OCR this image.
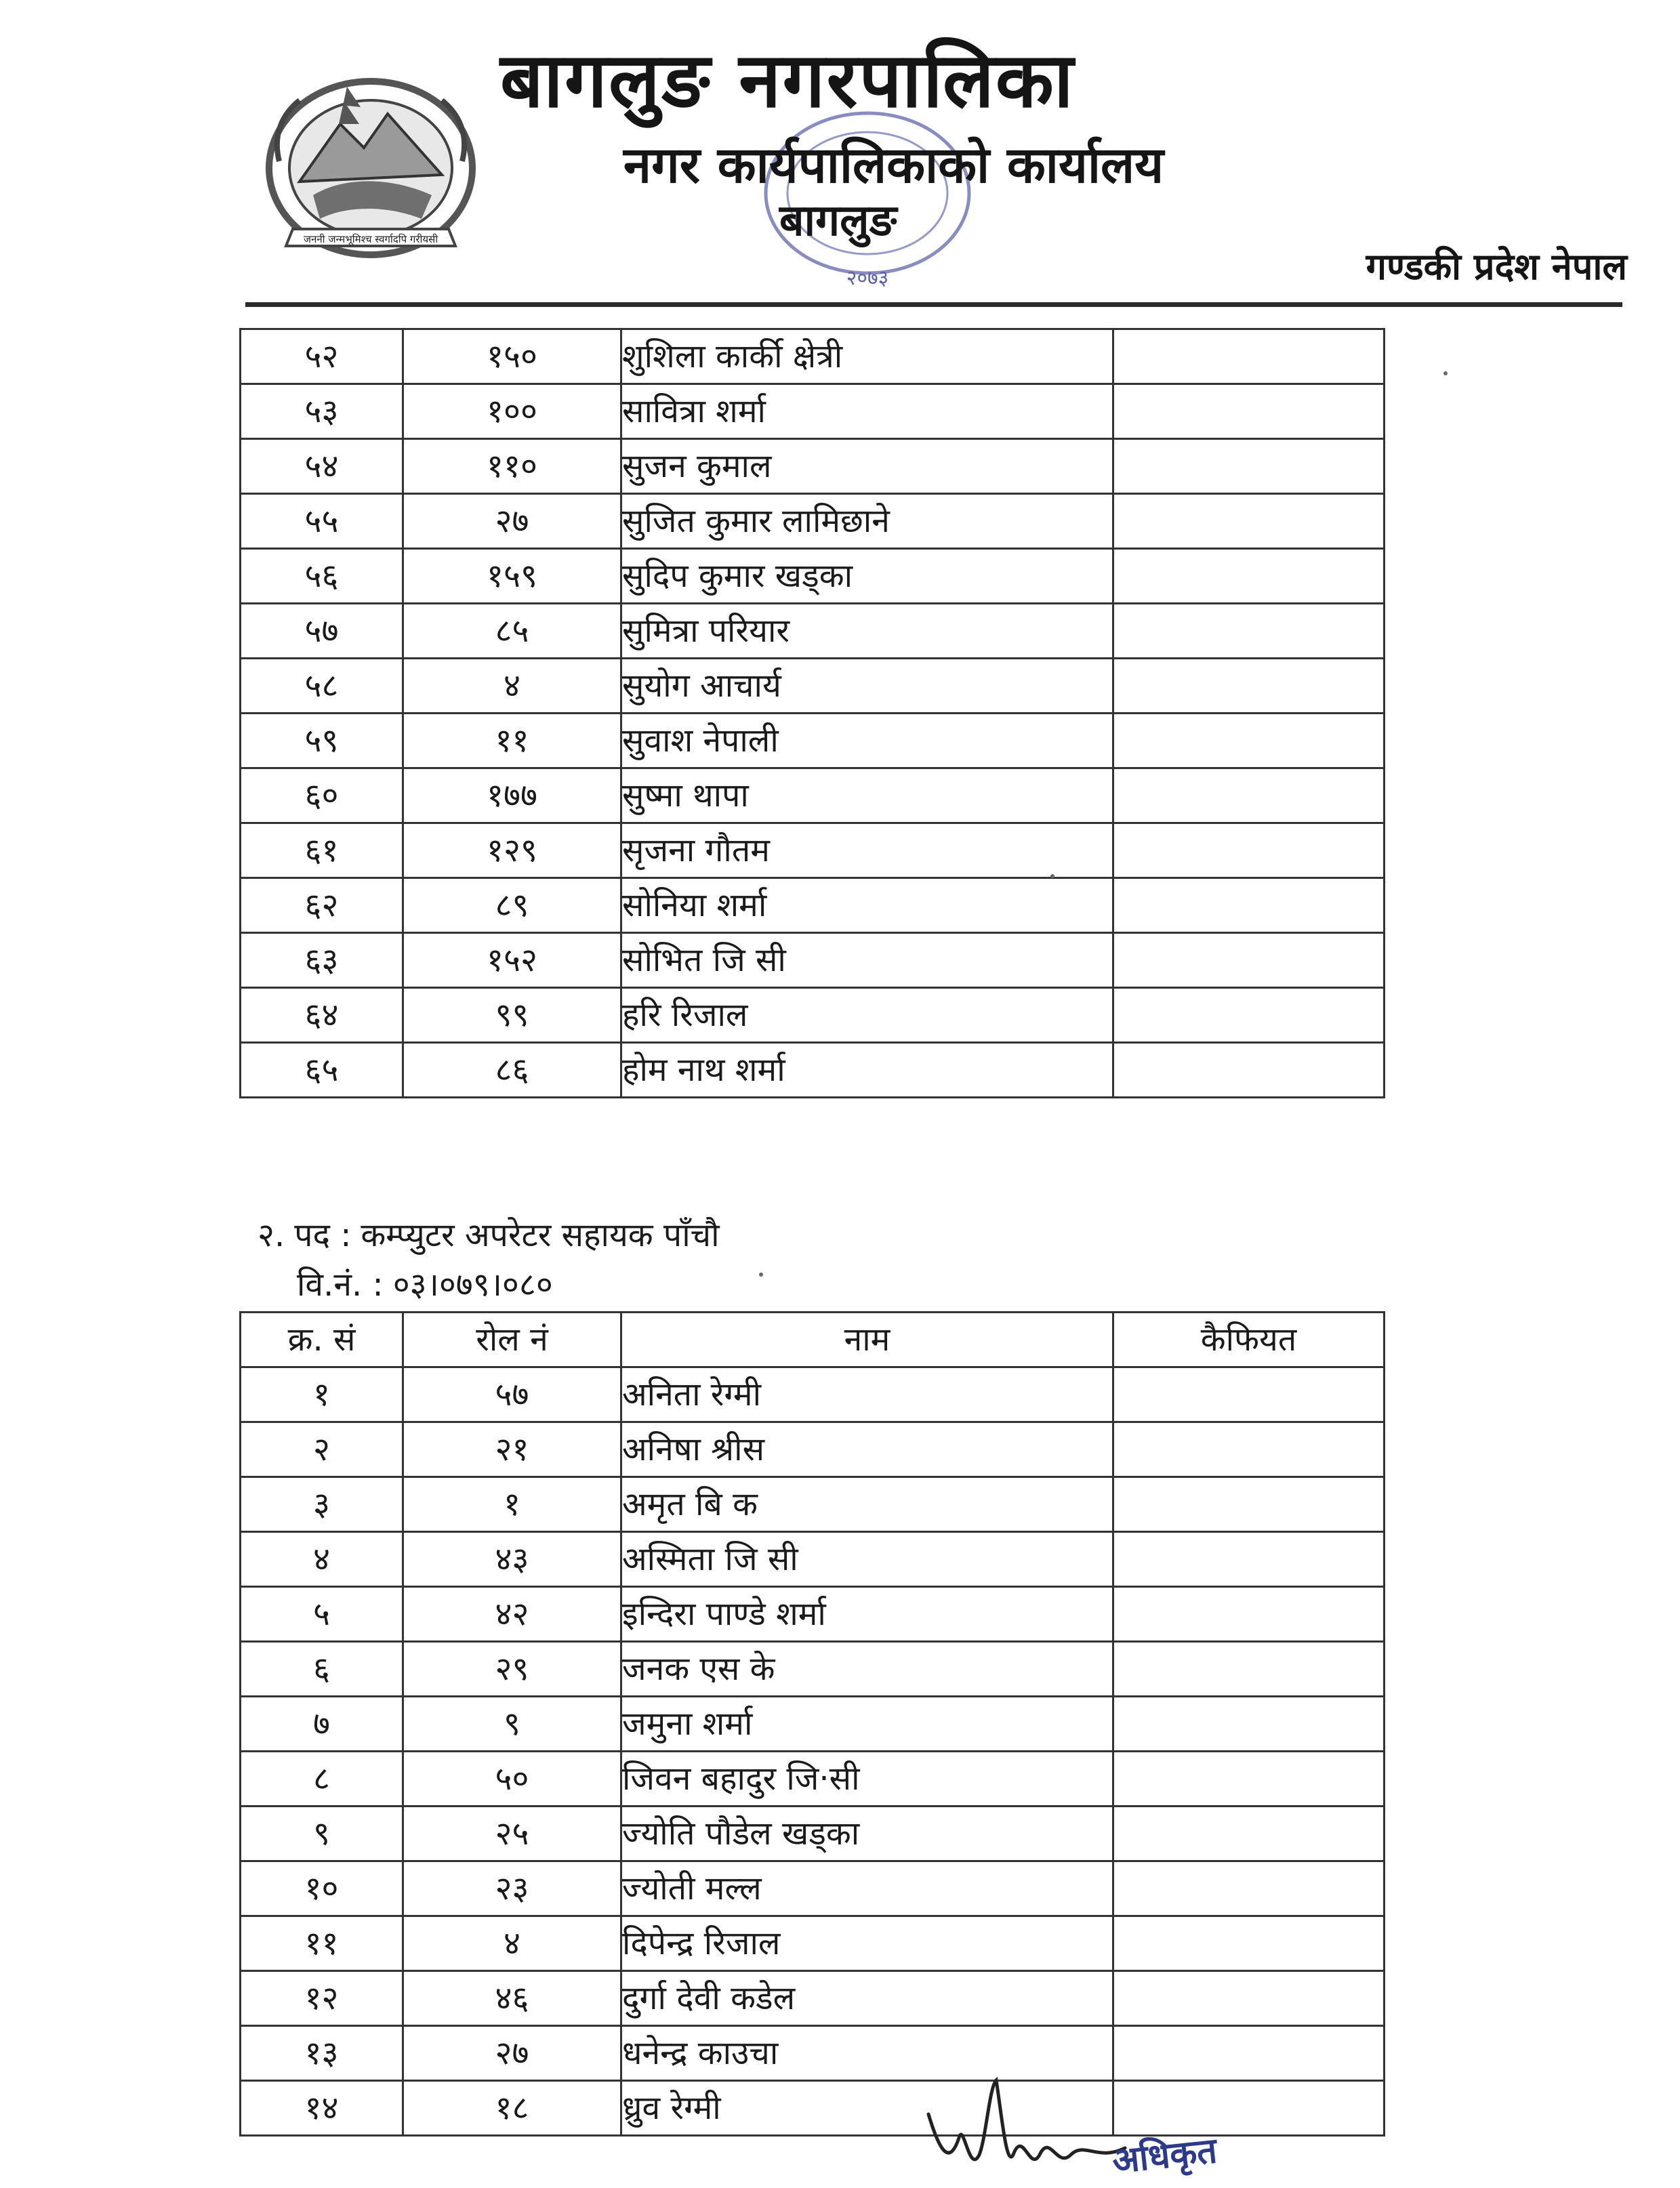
जननी जन्मभूमिश्च स्वर्गादपि गरीयसी
बागलुङ नगरपालिका
२०७३
नगर कार्यपालिकाको कार्यालय
बागलुङ
गण्डकी प्रदेश नेपाल
५२	१५०	शुशिला कार्की क्षेत्री	
५३	१००	सावित्रा शर्मा	
५४	११०	सुजन कुमाल	
५५	२७	सुजित कुमार लामिछाने	
५६	१५९	सुदिप कुमार खड्का	
५७	८५	सुमित्रा परियार	
५८	४	सुयोग आचार्य	
५९	११	सुवाश नेपाली	
६०	१७७	सुष्मा थापा	
६१	१२९	सृजना गौतम	
६२	८९	सोनिया शर्मा	
६३	१५२	सोभित जि सी	
६४	९९	हरि रिजाल	
६५	८६	होम नाथ शर्मा	
२. पद : कम्प्युटर अपरेटर सहायक पाँचौ
वि.नं. : ०३।०७९।०८०
क्र. सं	रोल नं	नाम	कैफियत
१	५७	अनिता रेग्मी	
२	२१	अनिषा श्रीस	
३	१	अमृत बि क	
४	४३	अस्मिता जि सी	
५	४२	इन्दिरा पाण्डे शर्मा	
६	२९	जनक एस के	
७	९	जमुना शर्मा	
८	५०	जिवन बहादुर जि·सी	
९	२५	ज्योति पौडेल खड्का	
१०	२३	ज्योती मल्ल	
११	४	दिपेन्द्र रिजाल	
१२	४६	दुर्गा देवी कडेल	
१३	२७	धनेन्द्र काउचा	
१४	१८	ध्रुव रेग्मी	
अधिकृत
